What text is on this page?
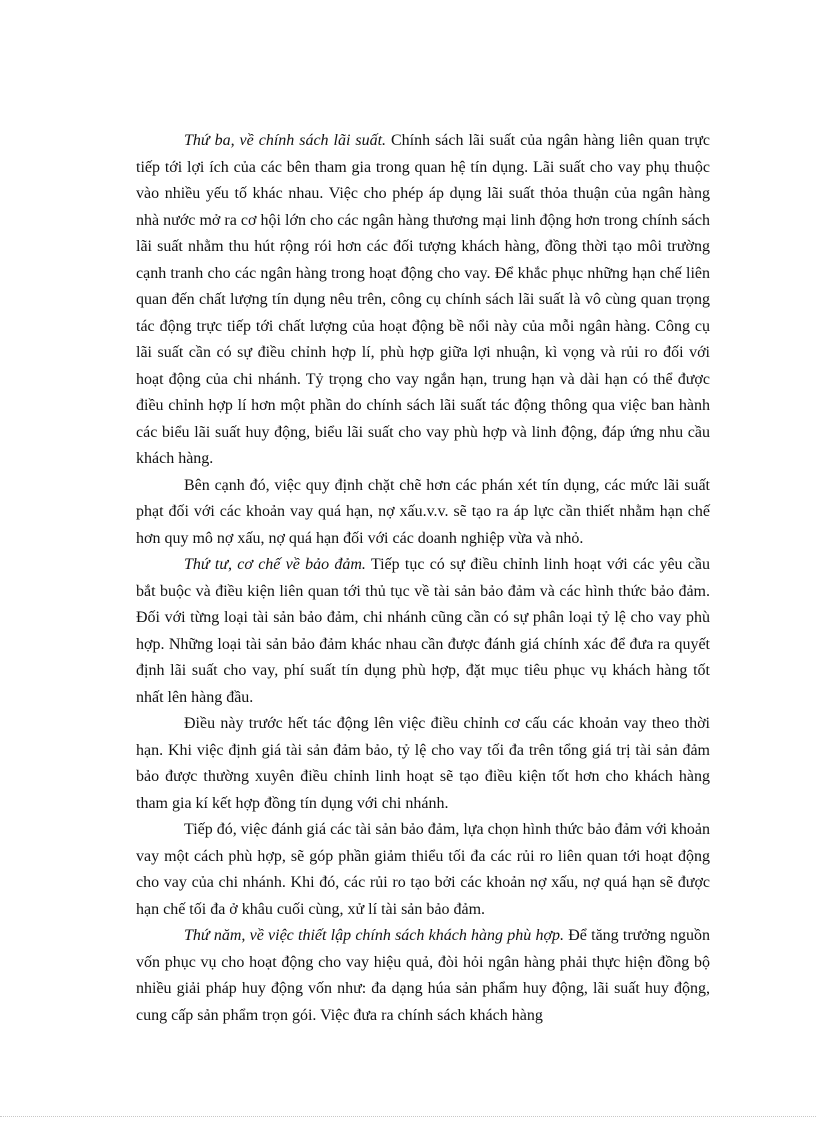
Thứ ba, về chính sách lãi suất. Chính sách lãi suất của ngân hàng liên quan trực tiếp tới lợi ích của các bên tham gia trong quan hệ tín dụng. Lãi suất cho vay phụ thuộc vào nhiều yếu tố khác nhau. Việc cho phép áp dụng lãi suất thỏa thuận của ngân hàng nhà nước mở ra cơ hội lớn cho các ngân hàng thương mại linh động hơn trong chính sách lãi suất nhằm thu hút rộng rói hơn các đối tượng khách hàng, đồng thời tạo môi trường cạnh tranh cho các ngân hàng trong hoạt động cho vay. Để khắc phục những hạn chế liên quan đến chất lượng tín dụng nêu trên, công cụ chính sách lãi suất là vô cùng quan trọng tác động trực tiếp tới chất lượng của hoạt động bề nổi này của mỗi ngân hàng. Công cụ lãi suất cần có sự điều chỉnh hợp lí, phù hợp giữa lợi nhuận, kì vọng và rủi ro đối với hoạt động của chi nhánh. Tỷ trọng cho vay ngắn hạn, trung hạn và dài hạn có thể được điều chỉnh hợp lí hơn một phần do chính sách lãi suất tác động thông qua việc ban hành các biểu lãi suất huy động, biểu lãi suất cho vay phù hợp và linh động, đáp ứng nhu cầu khách hàng.

Bên cạnh đó, việc quy định chặt chẽ hơn các phán xét tín dụng, các mức lãi suất phạt đối với các khoản vay quá hạn, nợ xấu.v.v. sẽ tạo ra áp lực cần thiết nhằm hạn chế hơn quy mô nợ xấu, nợ quá hạn đối với các doanh nghiệp vừa và nhỏ.

Thứ tư, cơ chế về bảo đảm. Tiếp tục có sự điều chỉnh linh hoạt với các yêu cầu bắt buộc và điều kiện liên quan tới thủ tục về tài sản bảo đảm và các hình thức bảo đảm. Đối với từng loại tài sản bảo đảm, chi nhánh cũng cần có sự phân loại tỷ lệ cho vay phù hợp. Những loại tài sản bảo đảm khác nhau cần được đánh giá chính xác để đưa ra quyết định lãi suất cho vay, phí suất tín dụng phù hợp, đặt mục tiêu phục vụ khách hàng tốt nhất lên hàng đầu.

Điều này trước hết tác động lên việc điều chỉnh cơ cấu các khoản vay theo thời hạn. Khi việc định giá tài sản đảm bảo, tỷ lệ cho vay tối đa trên tổng giá trị tài sản đảm bảo được thường xuyên điều chỉnh linh hoạt sẽ tạo điều kiện tốt hơn cho khách hàng tham gia kí kết hợp đồng tín dụng với chi nhánh.

Tiếp đó, việc đánh giá các tài sản bảo đảm, lựa chọn hình thức bảo đảm với khoản vay một cách phù hợp, sẽ góp phần giảm thiểu tối đa các rủi ro liên quan tới hoạt động cho vay của chi nhánh. Khi đó, các rủi ro tạo bởi các khoản nợ xấu, nợ quá hạn sẽ được hạn chế tối đa ở khâu cuối cùng, xử lí tài sản bảo đảm.

Thứ năm, về việc thiết lập chính sách khách hàng phù hợp. Để tăng trưởng nguồn vốn phục vụ cho hoạt động cho vay hiệu quả, đòi hỏi ngân hàng phải thực hiện đồng bộ nhiều giải pháp huy động vốn như: đa dạng húa sản phẩm huy động, lãi suất huy động, cung cấp sản phẩm trọn gói. Việc đưa ra chính sách khách hàng
